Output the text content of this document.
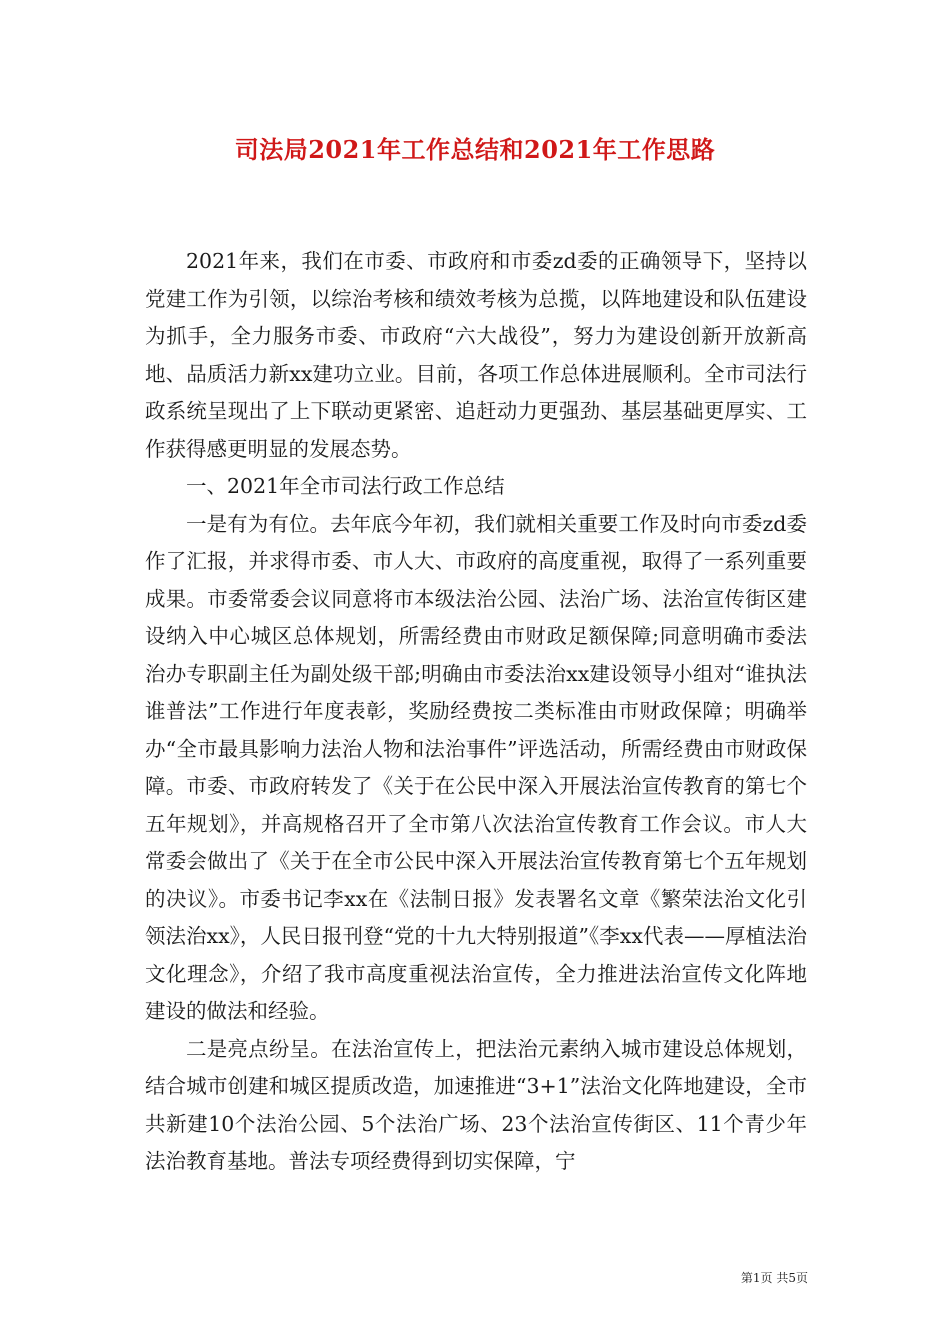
司法局2021年工作总结和2021年工作思路

2021年来，我们在市委、市政府和市委zd委的正确领导下，坚持以党建工作为引领，以综治考核和绩效考核为总揽，以阵地建设和队伍建设为抓手，全力服务市委、市政府“六大战役”，努力为建设创新开放新高地、品质活力新xx建功立业。目前，各项工作总体进展顺利。全市司法行政系统呈现出了上下联动更紧密、追赶动力更强劲、基层基础更厚实、工作获得感更明显的发展态势。

一、2021年全市司法行政工作总结

一是有为有位。去年底今年初，我们就相关重要工作及时向市委zd委作了汇报，并求得市委、市人大、市政府的高度重视，取得了一系列重要成果。市委常委会议同意将市本级法治公园、法治广场、法治宣传街区建设纳入中心城区总体规划，所需经费由市财政足额保障;同意明确市委法治办专职副主任为副处级干部;明确由市委法治xx建设领导小组对“谁执法谁普法”工作进行年度表彰，奖励经费按二类标准由市财政保障；明确举办“全市最具影响力法治人物和法治事件”评选活动，所需经费由市财政保障。市委、市政府转发了《关于在公民中深入开展法治宣传教育的第七个五年规划》，并高规格召开了全市第八次法治宣传教育工作会议。市人大常委会做出了《关于在全市公民中深入开展法治宣传教育第七个五年规划的决议》。市委书记李xx在《法制日报》发表署名文章《繁荣法治文化引领法治xx》，人民日报刊登“党的十九大特别报道”《李xx代表——厚植法治文化理念》，介绍了我市高度重视法治宣传，全力推进法治宣传文化阵地建设的做法和经验。

二是亮点纷呈。在法治宣传上，把法治元素纳入城市建设总体规划，结合城市创建和城区提质改造，加速推进“3+1”法治文化阵地建设，全市共新建10个法治公园、5个法治广场、23个法治宣传街区、11个青少年法治教育基地。普法专项经费得到切实保障，宁

第1页 共5页
